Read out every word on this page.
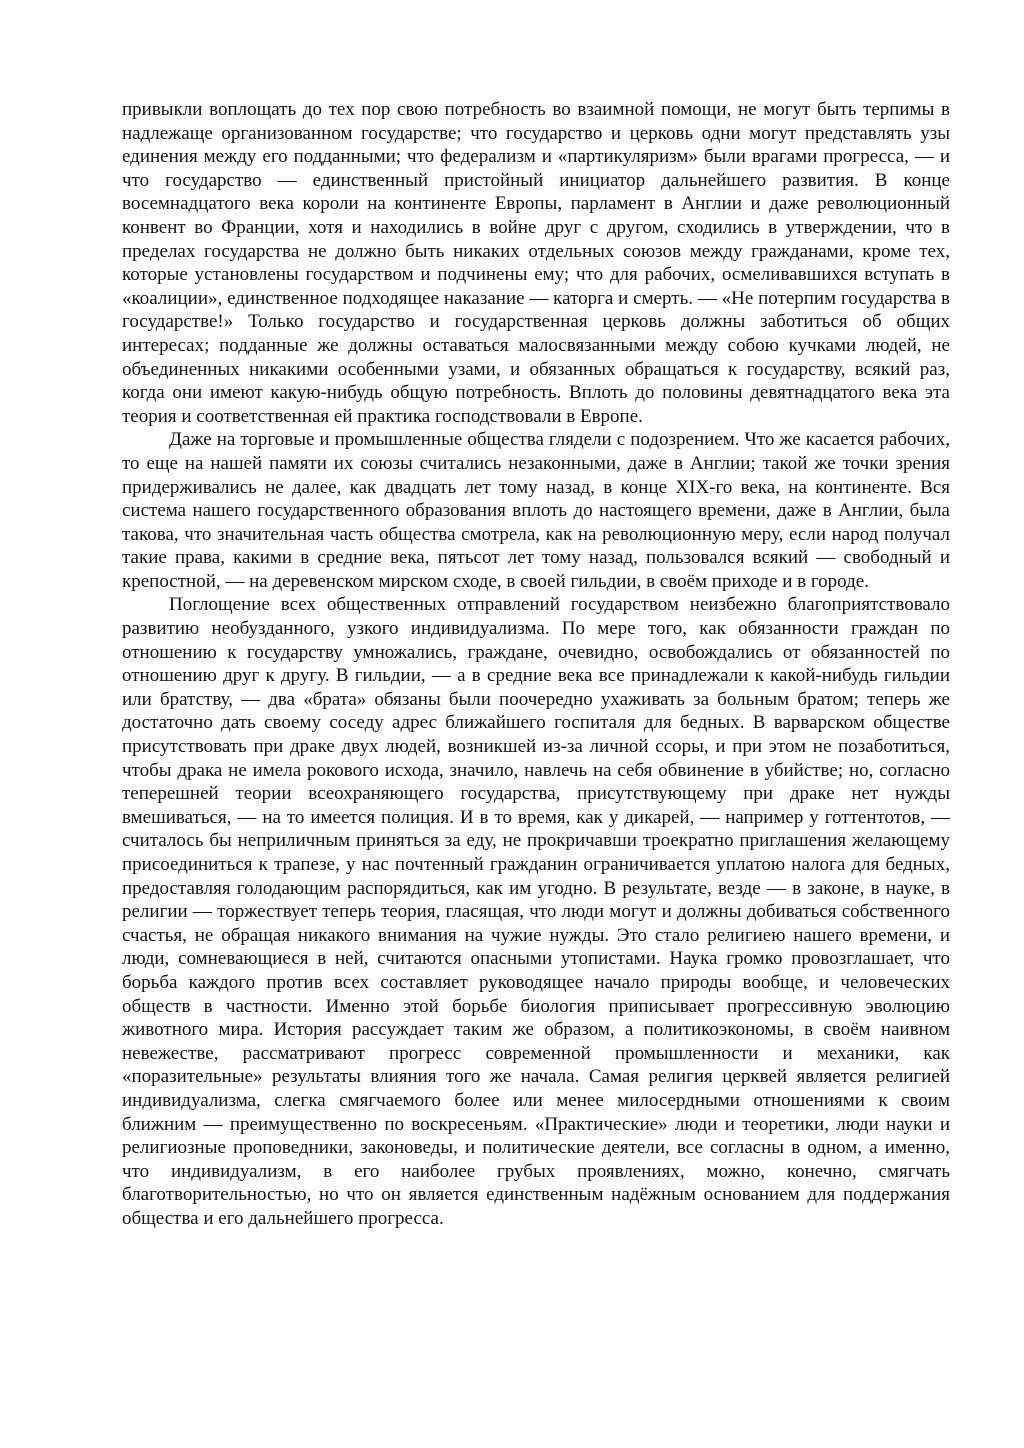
привыкли воплощать до тех пор свою потребность во взаимной помощи, не могут быть терпимы в надлежаще организованном государстве; что государство и церковь одни могут представлять узы единения между его подданными; что федерализм и «партикуляризм» были врагами прогресса, — и что государство — единственный пристойный инициатор дальнейшего развития. В конце восемнадцатого века короли на континенте Европы, парламент в Англии и даже революционный конвент во Франции, хотя и находились в войне друг с другом, сходились в утверждении, что в пределах государства не должно быть никаких отдельных союзов между гражданами, кроме тех, которые установлены государством и подчинены ему; что для рабочих, осмеливавшихся вступать в «коалиции», единственное подходящее наказание — каторга и смерть. — «Не потерпим государства в государстве!» Только государство и государственная церковь должны заботиться об общих интересах; подданные же должны оставаться малосвязанными между собою кучками людей, не объединенных никакими особенными узами, и обязанных обращаться к государству, всякий раз, когда они имеют какую-нибудь общую потребность. Вплоть до половины девятнадцатого века эта теория и соответственная ей практика господствовали в Европе.

Даже на торговые и промышленные общества глядели с подозрением. Что же касается рабочих, то еще на нашей памяти их союзы считались незаконными, даже в Англии; такой же точки зрения придерживались не далее, как двадцать лет тому назад, в конце XIX-го века, на континенте. Вся система нашего государственного образования вплоть до настоящего времени, даже в Англии, была такова, что значительная часть общества смотрела, как на революционную меру, если народ получал такие права, какими в средние века, пятьсот лет тому назад, пользовался всякий — свободный и крепостной, — на деревенском мирском сходе, в своей гильдии, в своём приходе и в городе.

Поглощение всех общественных отправлений государством неизбежно благоприятствовало развитию необузданного, узкого индивидуализма. По мере того, как обязанности граждан по отношению к государству умножались, граждане, очевидно, освобождались от обязанностей по отношению друг к другу. В гильдии, — а в средние века все принадлежали к какой-нибудь гильдии или братству, — два «брата» обязаны были поочередно ухаживать за больным братом; теперь же достаточно дать своему соседу адрес ближайшего госпиталя для бедных. В варварском обществе присутствовать при драке двух людей, возникшей из-за личной ссоры, и при этом не позаботиться, чтобы драка не имела рокового исхода, значило, навлечь на себя обвинение в убийстве; но, согласно теперешней теории всеохраняющего государства, присутствующему при драке нет нужды вмешиваться, — на то имеется полиция. И в то время, как у дикарей, — например у готтентотов, — считалось бы неприличным приняться за еду, не прокричавши троекратно приглашения желающему присоединиться к трапезе, у нас почтенный гражданин ограничивается уплатою налога для бедных, предоставляя голодающим распорядиться, как им угодно. В результате, везде — в законе, в науке, в религии — торжествует теперь теория, гласящая, что люди могут и должны добиваться собственного счастья, не обращая никакого внимания на чужие нужды. Это стало религиею нашего времени, и люди, сомневающиеся в ней, считаются опасными утопистами. Наука громко провозглашает, что борьба каждого против всех составляет руководящее начало природы вообще, и человеческих обществ в частности. Именно этой борьбе биология приписывает прогрессивную эволюцию животного мира. История рассуждает таким же образом, а политикоэкономы, в своём наивном невежестве, рассматривают прогресс современной промышленности и механики, как «поразительные» результаты влияния того же начала. Самая религия церквей является религией индивидуализма, слегка смягчаемого более или менее милосердными отношениями к своим ближним — преимущественно по воскресеньям. «Практические» люди и теоретики, люди науки и религиозные проповедники, законоведы, и политические деятели, все согласны в одном, а именно, что индивидуализм, в его наиболее грубых проявлениях, можно, конечно, смягчать благотворительностью, но что он является единственным надёжным основанием для поддержания общества и его дальнейшего прогресса.
